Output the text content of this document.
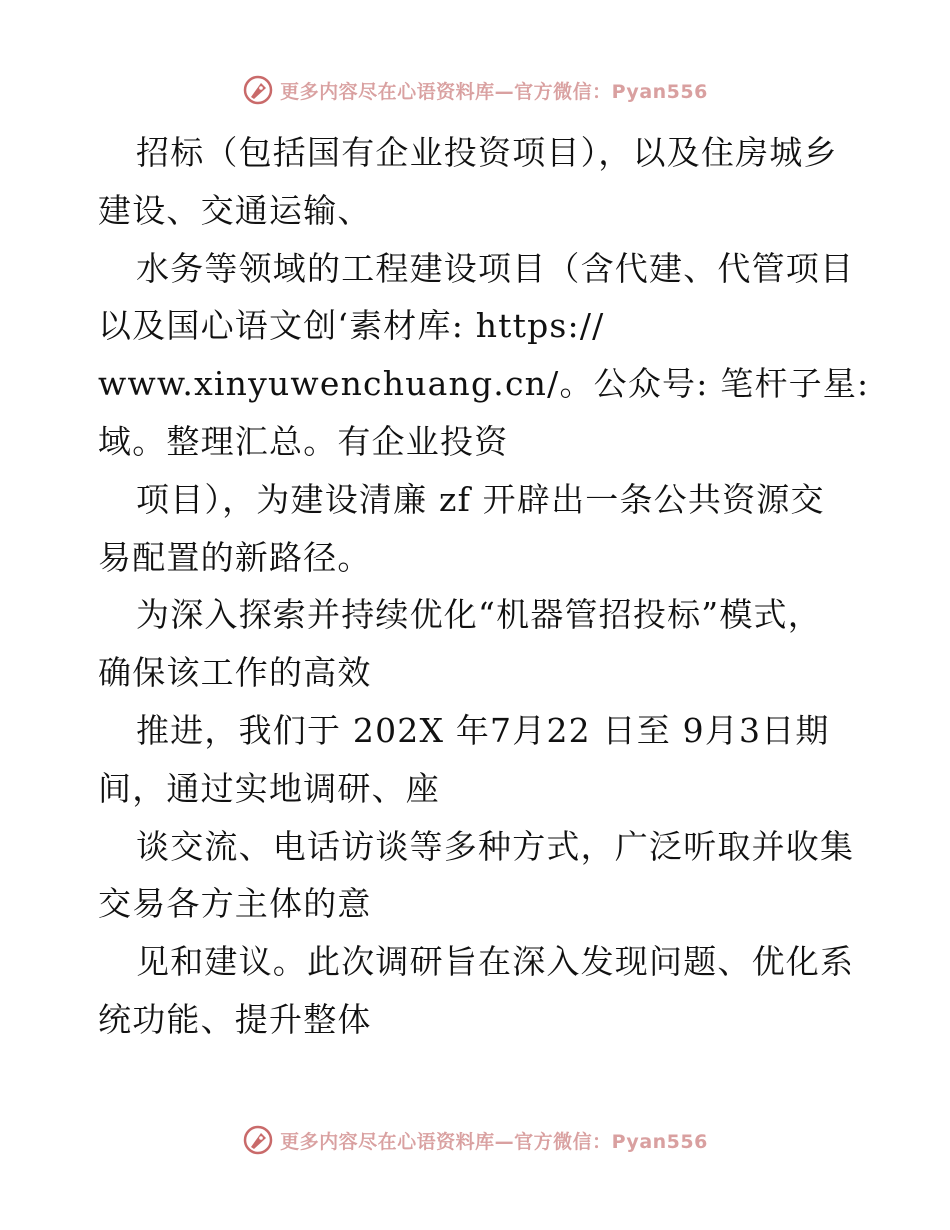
更多内容尽在心语资料库—官方微信：Pyan556
招标（包括国有企业投资项目），以及住房城乡
建设、交通运输、
水务等领域的工程建设项目（含代建、代管项目
以及国心语文创‘素材库: https://
www.xinyuwenchuang.cn/。公众号: 笔杆子星:
域。整理汇总。有企业投资
项目），为建设清廉 zf 开辟出一条公共资源交
易配置的新路径。
为深入探索并持续优化“机器管招投标”模式，
确保该工作的高效
推进，我们于 202X 年7月22 日至 9月3日期
间，通过实地调研、座
谈交流、电话访谈等多种方式，广泛听取并收集
交易各方主体的意
见和建议。此次调研旨在深入发现问题、优化系
统功能、提升整体
更多内容尽在心语资料库—官方微信：Pyan556
